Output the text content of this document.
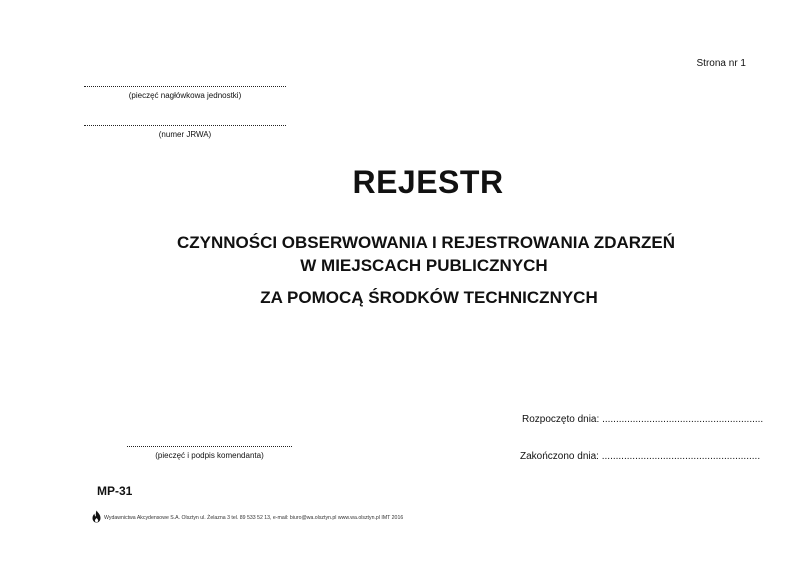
Strona nr 1
(pieczęć nagłówkowa jednostki)
(numer JRWA)
REJESTR
CZYNNOŚCI OBSERWOWANIA I REJESTROWANIA ZDARZEŃ
W MIEJSCACH PUBLICZNYCH
ZA POMOCĄ ŚRODKÓW TECHNICZNYCH
Rozpoczęto dnia: ..........................................................
Zakończono dnia: .........................................................
(pieczęć i podpis komendanta)
MP-31
Wydawnictwa Akcydensowe S.A. Olsztyn ul. Żelazna 3 tel. 89 533 52 13, e-mail: biuro@wa.olsztyn.pl www.wa.olsztyn.pl IMT 2016
